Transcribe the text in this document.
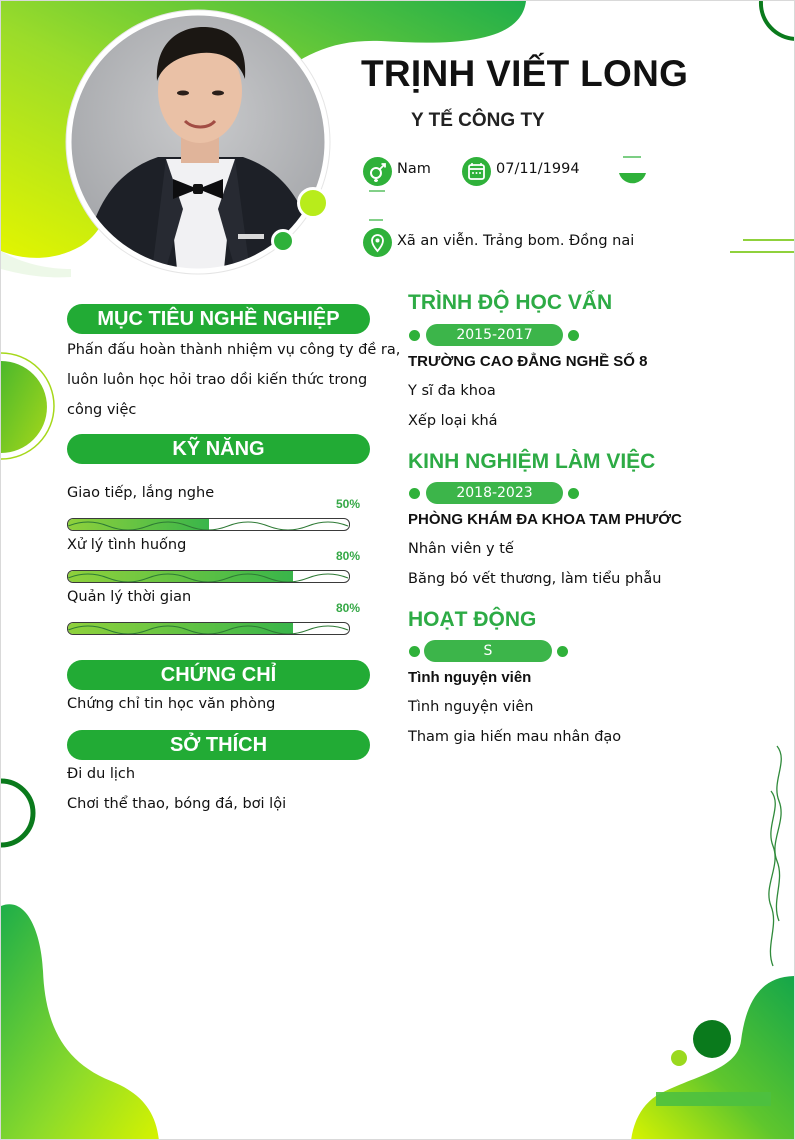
TRỊNH VIẾT LONG
Y TẾ CÔNG TY
Nam	07/11/1994
Xã an viễn. Trảng bom. Đồng nai
MỤC TIÊU NGHỀ NGHIỆP
Phấn đấu hoàn thành nhiệm vụ công ty đề ra,
luôn luôn học hỏi trao dồi kiến thức trong
công việc
KỸ NĂNG
Giao tiếp, lắng nghe
50%
Xử lý tình huống
80%
Quản lý thời gian
80%
CHỨNG CHỈ
Chứng chỉ tin học văn phòng
SỞ THÍCH
Đi du lịch
Chơi thể thao, bóng đá, bơi lội
TRÌNH ĐỘ HỌC VẤN
2015-2017
TRƯỜNG CAO ĐẲNG NGHỀ SỐ 8
Y sĩ đa khoa
Xếp loại khá
KINH NGHIỆM LÀM VIỆC
2018-2023
PHÒNG KHÁM ĐA KHOA TAM PHƯỚC
Nhân viên y tế
Băng bó vết thương, làm tiểu phẫu
HOẠT ĐỘNG
S
Tình nguyện viên
Tình nguyện viên
Tham gia hiến mau nhân đạo
